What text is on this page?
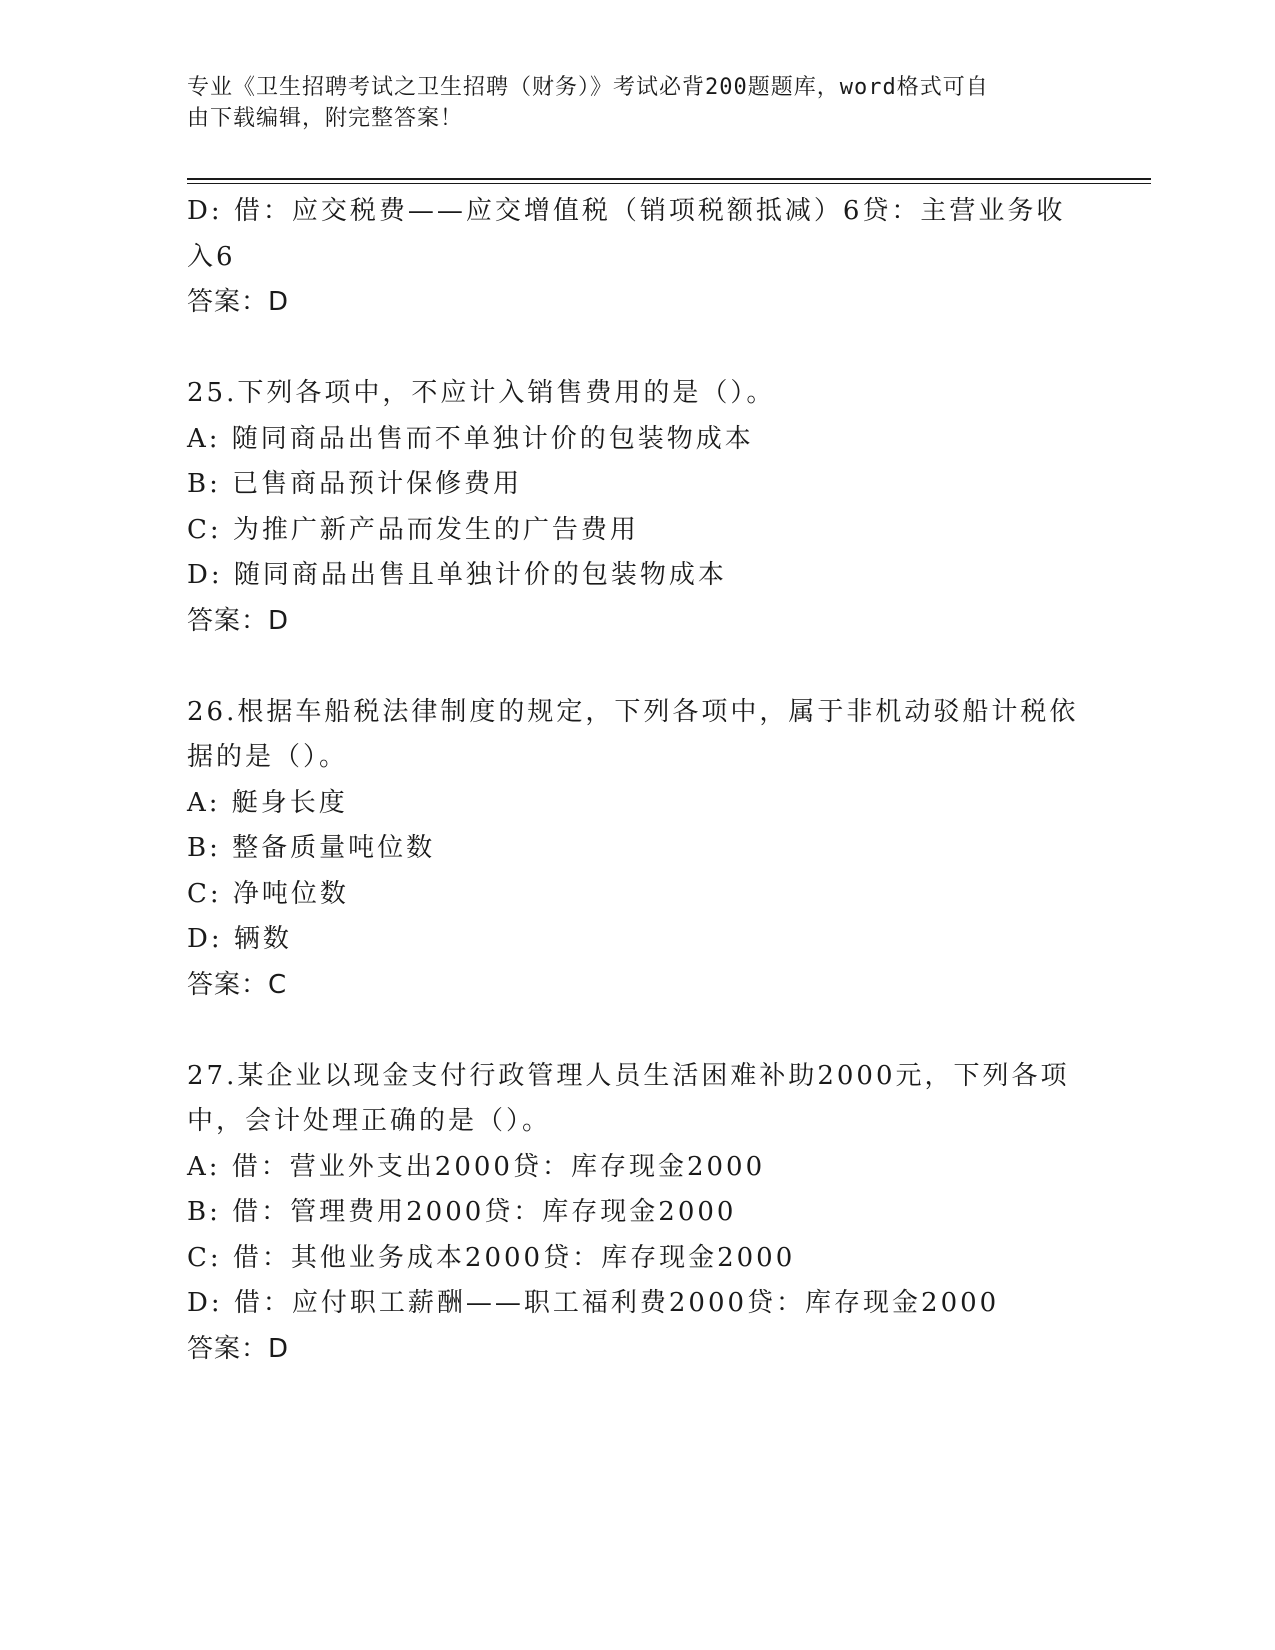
专业《卫生招聘考试之卫生招聘（财务）》考试必背200题题库，word格式可自
由下载编辑，附完整答案！
D: 借：应交税费——应交增值税（销项税额抵减）6贷：主营业务收
入6
答案：D
25.下列各项中，不应计入销售费用的是（）。
A: 随同商品出售而不单独计价的包装物成本
B: 已售商品预计保修费用
C: 为推广新产品而发生的广告费用
D: 随同商品出售且单独计价的包装物成本
答案：D
26.根据车船税法律制度的规定，下列各项中，属于非机动驳船计税依
据的是（）。
A: 艇身长度
B: 整备质量吨位数
C: 净吨位数
D: 辆数
答案：C
27.某企业以现金支付行政管理人员生活困难补助2000元，下列各项
中，会计处理正确的是（）。
A: 借：营业外支出2000贷：库存现金2000
B: 借：管理费用2000贷：库存现金2000
C: 借：其他业务成本2000贷：库存现金2000
D: 借：应付职工薪酬——职工福利费2000贷：库存现金2000
答案：D
